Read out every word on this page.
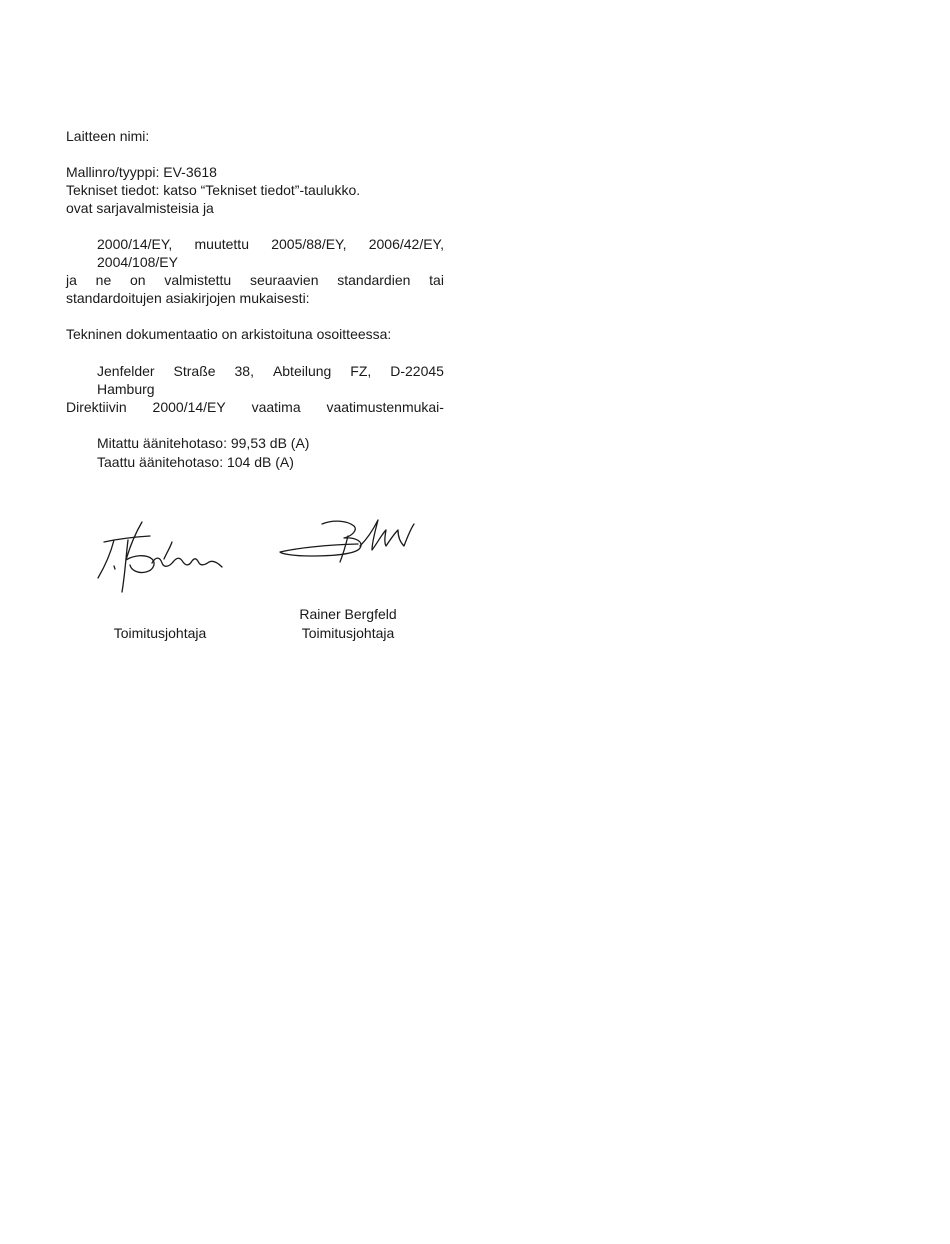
Laitteen nimi:
Mallinro/tyyppi: EV-3618
Tekniset tiedot: katso “Tekniset tiedot”-taulukko.
ovat sarjavalmisteisia ja
2000/14/EY, muutettu 2005/88/EY, 2006/42/EY,
2004/108/EY
ja ne on valmistettu seuraavien standardien tai
standardoitujen asiakirjojen mukaisesti:
Tekninen dokumentaatio on arkistoituna osoitteessa:
Jenfelder Straße 38, Abteilung FZ, D-22045
Hamburg
Direktiivin 2000/14/EY vaatima vaatimustenmukai-
Mitattu äänitehotaso: 99,53 dB (A)
Taattu äänitehotaso: 104 dB (A)
Rainer Bergfeld
Toimitusjohtaja
Toimitusjohtaja
